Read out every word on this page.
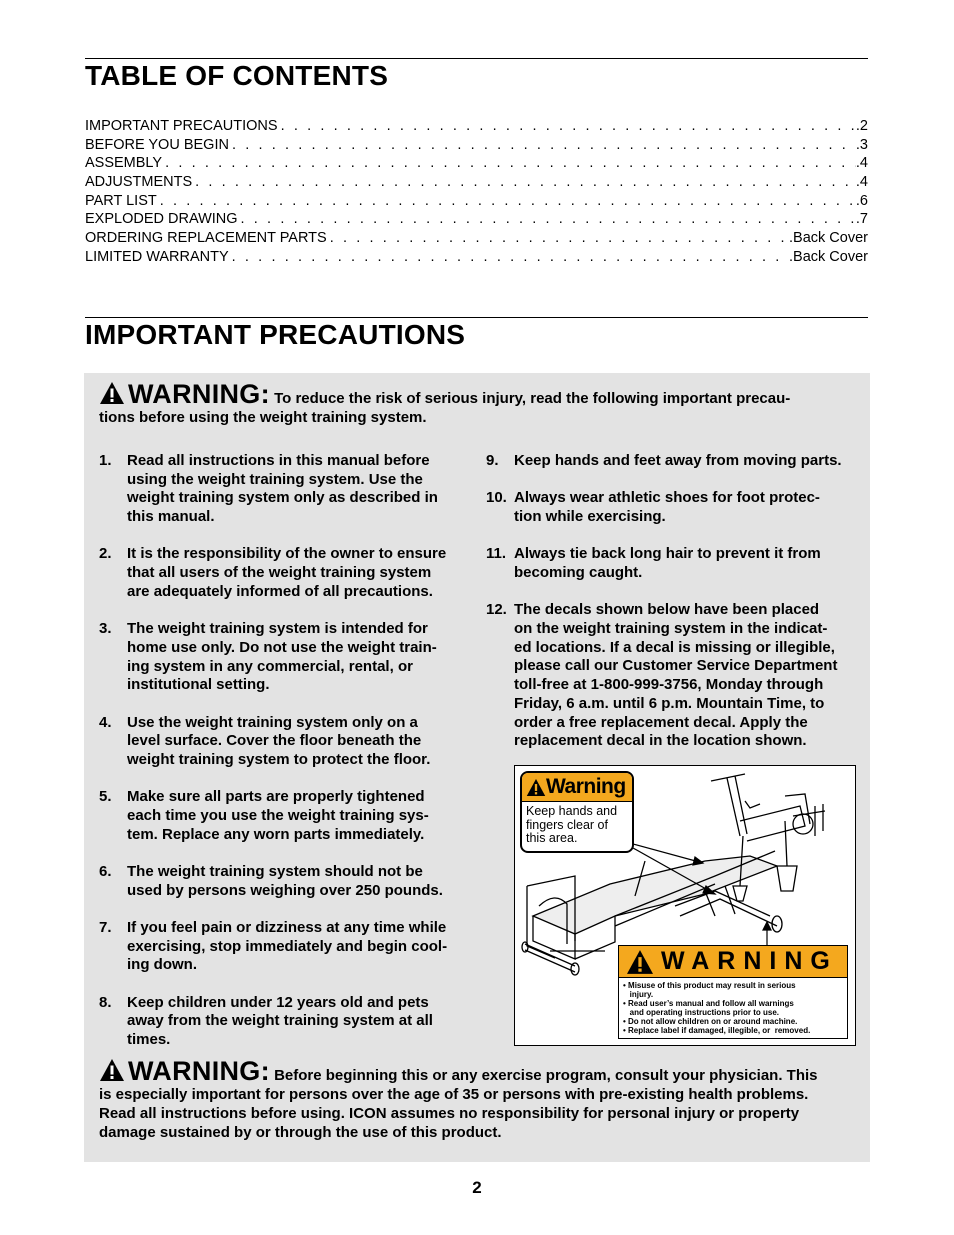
TABLE OF CONTENTS
IMPORTANT PRECAUTIONS . . .	.2
BEFORE YOU BEGIN . . .	.3
ASSEMBLY . . .	.4
ADJUSTMENTS . . .	.4
PART LIST . . .	.6
EXPLODED DRAWING . . .	.7
ORDERING REPLACEMENT PARTS . . .	.Back Cover
LIMITED WARRANTY . . .	.Back Cover
IMPORTANT PRECAUTIONS
WARNING: To reduce the risk of serious injury, read the following important precau-
tions before using the weight training system.
1.	Read all instructions in this manual before
using the weight training system. Use the
weight training system only as described in
this manual.
2.	It is the responsibility of the owner to ensure
that all users of the weight training system
are adequately informed of all precautions.
3.	The weight training system is intended for
home use only. Do not use the weight train-
ing system in any commercial, rental, or
institutional setting.
4.	Use the weight training system only on a
level surface. Cover the floor beneath the
weight training system to protect the floor.
5.	Make sure all parts are properly tightened
each time you use the weight training sys-
tem. Replace any worn parts immediately.
6.	The weight training system should not be
used by persons weighing over 250 pounds.
7.	If you feel pain or dizziness at any time while
exercising, stop immediately and begin cool-
ing down.
8.	Keep children under 12 years old and pets
away from the weight training system at all
times.
9.	Keep hands and feet away from moving parts.
10. Always wear athletic shoes for foot protec-
tion while exercising.
11. Always tie back long hair to prevent it from
becoming caught.
12. The decals shown below have been placed
on the weight training system in the indicat-
ed locations. If a decal is missing or illegible,
please call our Customer Service Department
toll-free at 1-800-999-3756, Monday through
Friday, 6 a.m. until 6 p.m. Mountain Time, to
order a free replacement decal. Apply the
replacement decal in the location shown.
Warning
Keep hands and
fingers clear of
this area.
WARNING
• Misuse of this product may result in serious
injury.
• Read user’s manual and follow all warnings
and operating instructions prior to use.
• Do not allow children on or around machine.
• Replace label if damaged, illegible, or  removed.
WARNING: Before beginning this or any exercise program, consult your physician. This
is especially important for persons over the age of 35 or persons with pre-existing health problems.
Read all instructions before using. ICON assumes no responsibility for personal injury or property
damage sustained by or through the use of this product.
2
